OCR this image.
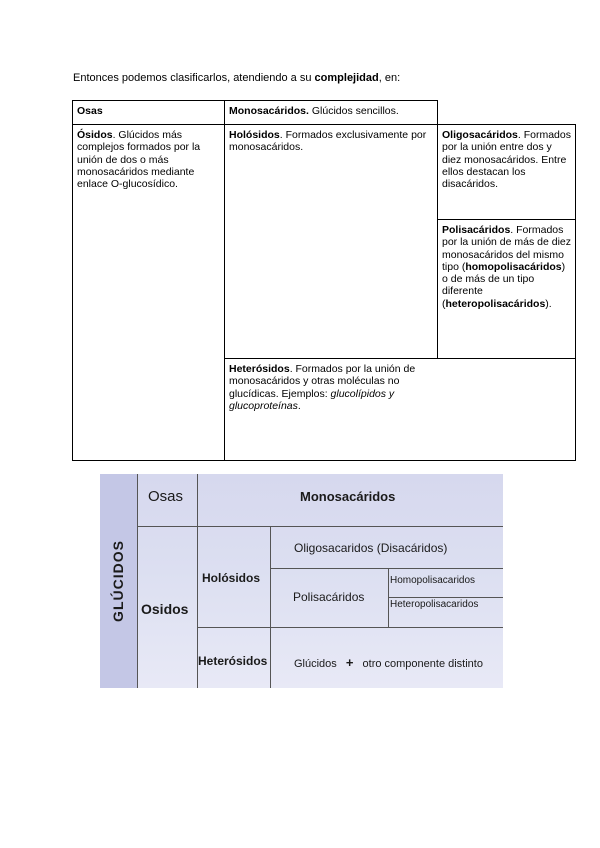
Entonces podemos clasificarlos, atendiendo a su complejidad, en:

Osas	Monosacáridos. Glúcidos sencillos.
Ósidos. Glúcidos más complejos formados por la unión de dos o más monosacáridos mediante enlace O-glucosídico.
Holósidos. Formados exclusivamente por monosacáridos.
Oligosacáridos. Formados por la unión entre dos y diez monosacáridos. Entre ellos destacan los disacáridos.
Polisacáridos. Formados por la unión de más de diez monosacáridos del mismo tipo (homopolisacáridos) o de más de un tipo diferente (heteropolisacáridos).
Heterósidos. Formados por la unión de monosacáridos y otras moléculas no glucídicas. Ejemplos: glucolípidos y glucoproteínas.
GLÚCIDOS
Osas	Monosacáridos
Osidos
Holósidos
Oligosacaridos (Disacáridos)
Polisacáridos
Homopolisacaridos
Heteropolisacaridos
Heterósidos Glúcidos + otro componente distinto
